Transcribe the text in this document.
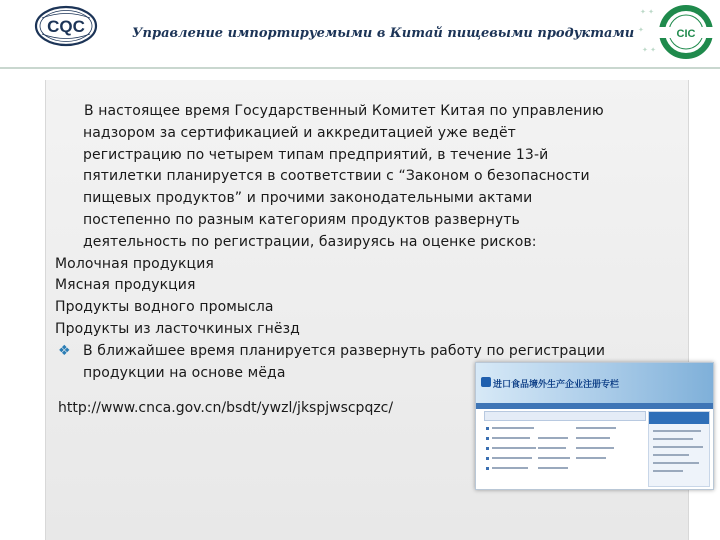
CQC	Управление импортируемыми в Китай пищевыми продуктами
✦ ✦
✦
✦ ✦
CIC

В настоящее время Государственный Комитет Китая по управлению
надзором за сертификацией и аккредитацией уже ведёт
регистрацию по четырем типам предприятий, в течение 13-й
пятилетки планируется в соответствии с “Законом о безопасности
пищевых продуктов” и прочими законодательными актами
постепенно по разным категориям продуктов развернуть
деятельность по регистрации, базируясь на оценке рисков:

Молочная продукция

Мясная продукция

Продукты водного промысла

Продукты из ласточкиных гнёзд

❖ В ближайшее время планируется развернуть работу по регистрации
продукции на основе мёда

http://www.cnca.gov.cn/bsdt/ywzl/jkspjwscpqzc/
进口食品境外生产企业注册专栏
